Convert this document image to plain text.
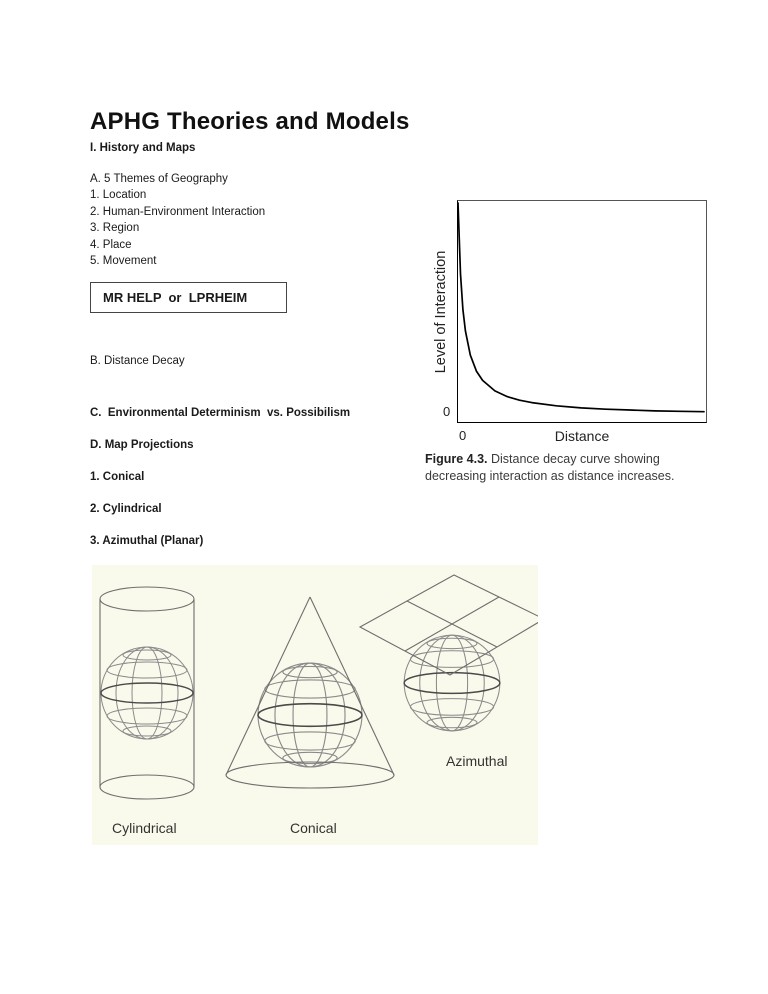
APHG Theories and Models

I. History and Maps

A. 5 Themes of Geography

1. Location

2. Human-Environment Interaction

3. Region

4. Place

5. Movement

MR HELP  or  LPRHEIM

B. Distance Decay

C.  Environmental Determinism  vs. Possibilism

D. Map Projections

1. Conical

2. Cylindrical

3. Azimuthal (Planar)

Level of Interaction
0
0	Distance
Figure 4.3. Distance decay curve showing decreasing interaction as distance increases.
Cylindrical	Conical
Azimuthal
